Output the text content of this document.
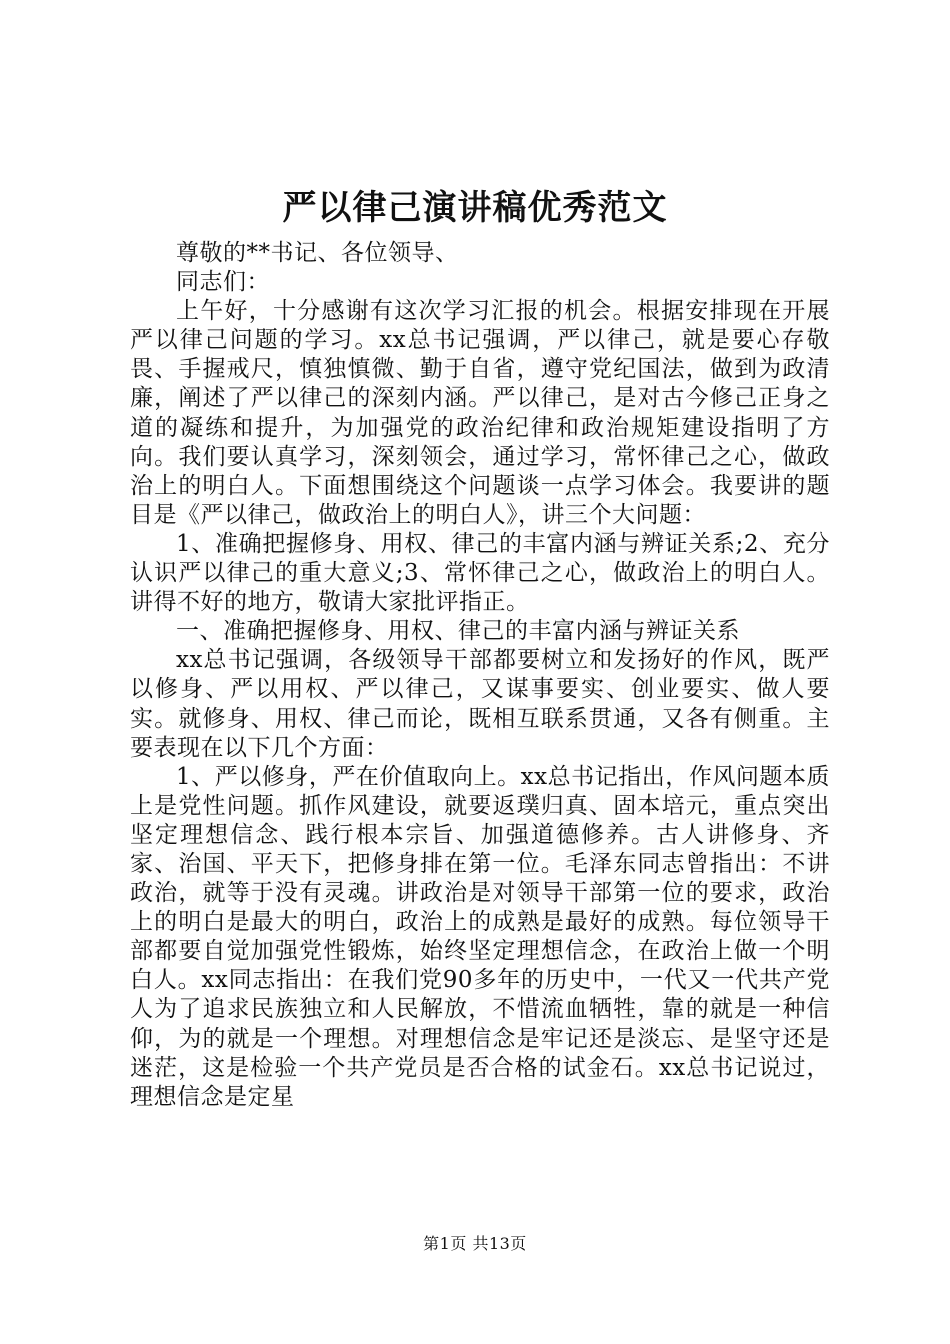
严以律己演讲稿优秀范文

尊敬的**书记、各位领导、

同志们：

上午好，十分感谢有这次学习汇报的机会。根据安排现在开展严以律己问题的学习。xx总书记强调，严以律己，就是要心存敬畏、手握戒尺，慎独慎微、勤于自省，遵守党纪国法，做到为政清廉，阐述了严以律己的深刻内涵。严以律己，是对古今修己正身之道的凝练和提升，为加强党的政治纪律和政治规矩建设指明了方向。我们要认真学习，深刻领会，通过学习，常怀律己之心，做政治上的明白人。下面想围绕这个问题谈一点学习体会。我要讲的题目是《严以律己，做政治上的明白人》，讲三个大问题：

1、准确把握修身、用权、律己的丰富内涵与辨证关系;2、充分认识严以律己的重大意义;3、常怀律己之心，做政治上的明白人。讲得不好的地方，敬请大家批评指正。

一、准确把握修身、用权、律己的丰富内涵与辨证关系

xx总书记强调，各级领导干部都要树立和发扬好的作风，既严以修身、严以用权、严以律己，又谋事要实、创业要实、做人要实。就修身、用权、律己而论，既相互联系贯通，又各有侧重。主要表现在以下几个方面：

1、严以修身，严在价值取向上。xx总书记指出，作风问题本质上是党性问题。抓作风建设，就要返璞归真、固本培元，重点突出坚定理想信念、践行根本宗旨、加强道德修养。古人讲修身、齐家、治国、平天下，把修身排在第一位。毛泽东同志曾指出：不讲政治，就等于没有灵魂。讲政治是对领导干部第一位的要求，政治上的明白是最大的明白，政治上的成熟是最好的成熟。每位领导干部都要自觉加强党性锻炼，始终坚定理想信念，在政治上做一个明白人。xx同志指出：在我们党90多年的历史中，一代又一代共产党人为了追求民族独立和人民解放，不惜流血牺牲，靠的就是一种信仰，为的就是一个理想。对理想信念是牢记还是淡忘、是坚守还是迷茫，这是检验一个共产党员是否合格的试金石。xx总书记说过，理想信念是定星

第1页 共13页
